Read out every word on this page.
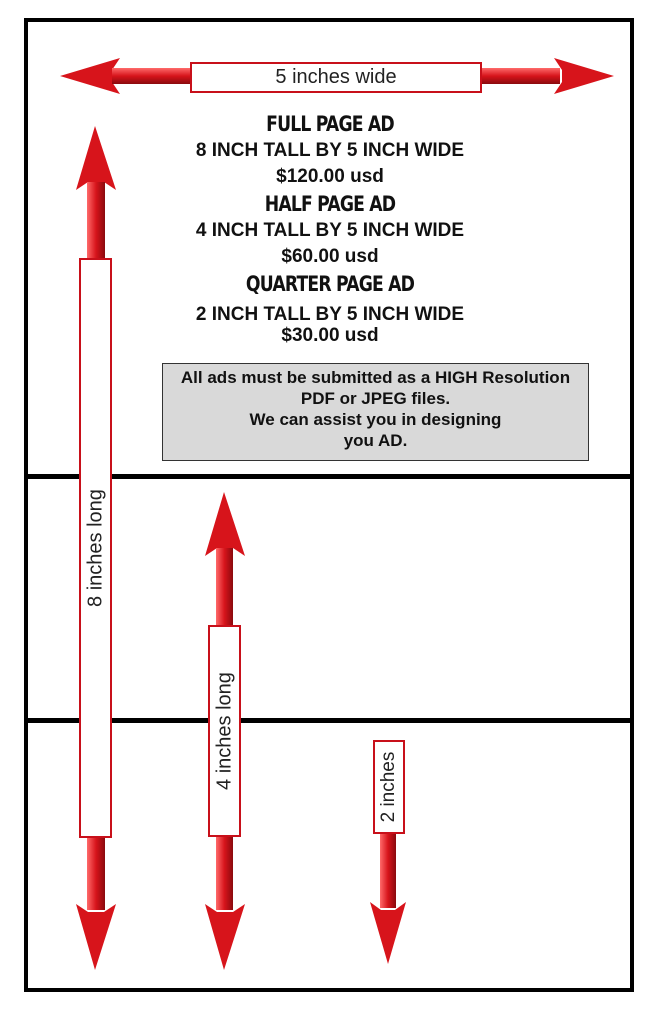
5 inches wide
8 inches long
4 inches long	2 inches

FULL PAGE AD

8 INCH TALL BY 5 INCH WIDE

$120.00 usd

HALF PAGE AD

4 INCH TALL BY 5 INCH WIDE

$60.00 usd

QUARTER PAGE AD

2 INCH TALL BY 5 INCH WIDE

$30.00 usd

All ads must be submitted as a HIGH Resolution
PDF or JPEG files.
We can assist you in designing
you AD.
